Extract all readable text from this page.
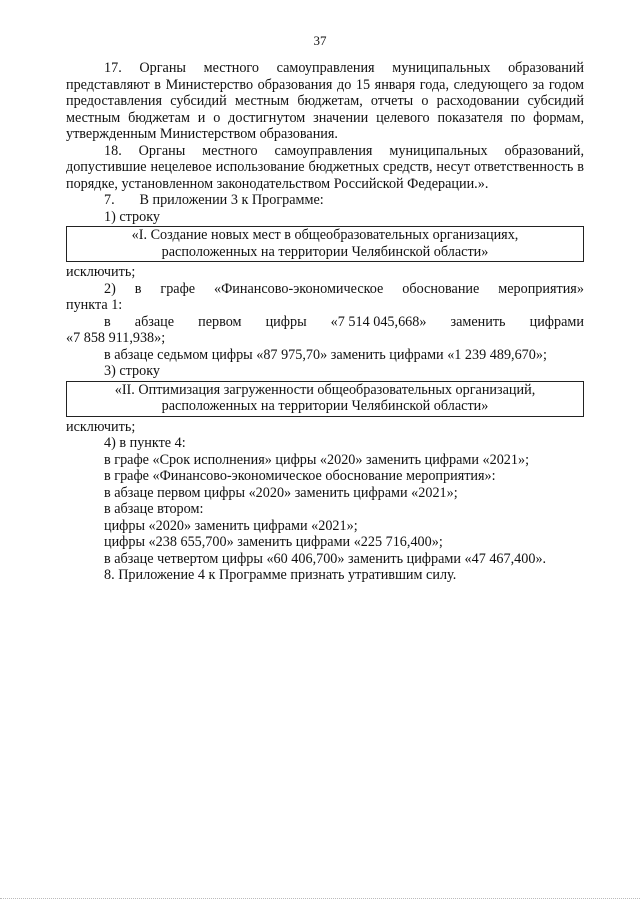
37

17. Органы местного самоуправления муниципальных образований представляют в Министерство образования до 15 января года, следующего за годом предоставления субсидий местным бюджетам, отчеты о расходовании субсидий местным бюджетам и о достигнутом значении целевого показателя по формам, утвержденным Министерством образования.

18. Органы местного самоуправления муниципальных образований, допустившие нецелевое использование бюджетных средств, несут ответственность в порядке, установленном законодательством Российской Федерации.».

7.       В приложении 3 к Программе:

1) строку

«I. Создание новых мест в общеобразовательных организациях,
расположенных на территории Челябинской области»

исключить;

2) в графе «Финансово-экономическое обоснование мероприятия»

пункта 1:

в абзаце первом цифры «7 514 045,668» заменить цифрами

«7 858 911,938»;

в абзаце седьмом цифры «87 975,70» заменить цифрами «1 239 489,670»;

3) строку

«II. Оптимизация загруженности общеобразовательных организаций,
расположенных на территории Челябинской области»

исключить;

4) в пункте 4:

в графе «Срок исполнения» цифры «2020» заменить цифрами «2021»;

в графе «Финансово-экономическое обоснование мероприятия»:

в абзаце первом цифры «2020» заменить цифрами «2021»;

в абзаце втором:

цифры «2020» заменить цифрами «2021»;

цифры «238 655,700» заменить цифрами «225 716,400»;

в абзаце четвертом цифры «60 406,700» заменить цифрами «47 467,400».

8. Приложение 4 к Программе признать утратившим силу.
